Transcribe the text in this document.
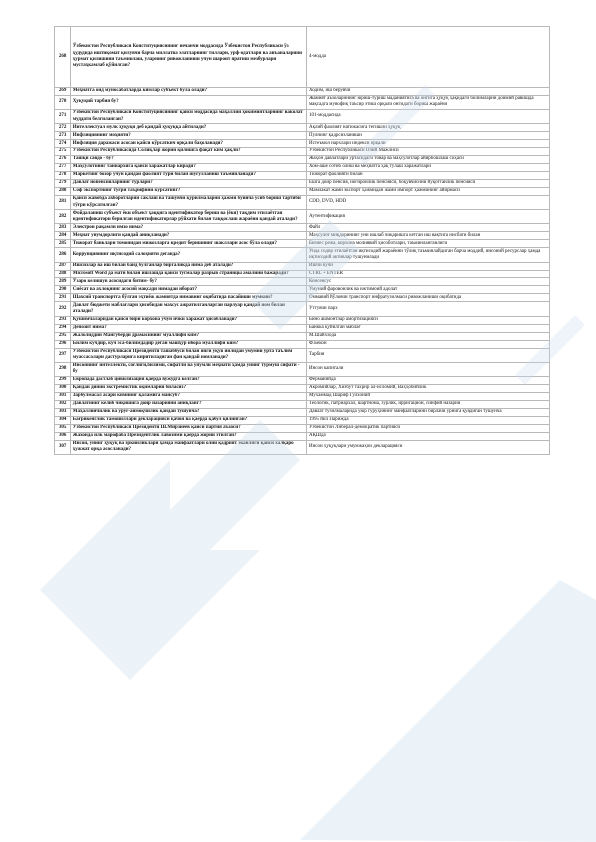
268	Ўзбекистон Республикаси Конституциясининг нечанчи моддасида Ўзбекистон Республикаси ўз ҳудудида иштиқомат қилувчи барча миллатва элатларнинг тиллари, урф-одатлари ва анъаналарини ҳурмат қилишини таъминлаш, уларнинг ривожланиши учун шароит яратиш мезбурлари мустаҳкамлаб қўйилган?	4-модда
269	Меҳнатга оид муносабатларда кимлар субъект бўла олади?	Ходим, иш берувчи
270	Ҳуқуқий тарбия бу?	Жамият аъзоларининг юриш-туриш маданиятига ва онгига ҳуқуқ ҳақидаги билимларни доимий равишда мақсадга мувофиқ таъсир этиш орқали онгидаги бориш жараёни
271	Ўзбекистон Республикаси Конституциясининг қайси моддасида маҳаллий ҳокимиятларнинг ваколат муддати белгиланган?	101-моддасида
272	Интеллектуал мулк ҳуқуқи деб қандай ҳуқуққа айтилади?	Ақлий фаолият натижасига тегишли ҳуқуқ
273	Инфляциянинг моҳияти?	Пулнинг қадрсизланиши
274	Инфляция даражаси асосан қайси кўрсаткич орқали баҳоланади?	Истеъмол нархлари индекси орқали
275	Ўзбекистон Республикасида Солиқлар жорий қилишга фақат ким ҳақли?	Ўзбекистон Республикаси Олий Мажлиси
276	Ташқи савдо - бу?	Жаҳон давлатлари ўртасидаги товар ва маҳсулотлар айирбошлаш соҳаси
277	Маҳсулотнинг таннархига қайси харажатлар киради?	Хом-ашё сотиб олиш ва меҳнатга ҳақ тўлаш харажатлари
278	Маркетинг бозор учун қандай фаолият тури билан шуғулланиш таъминланади?	Тижорат фаолияти билан
279	Давлат нопенсияларнинг турлари?	Ёшга доир пенсия, ногиронлик пенсияси, боқувчисини йўқотганлик пенсияси
280	Соф экспортнинг тўғри таърифини кўрсатинг?	Мамлакат жами экспорт ҳажмидан жами импорт ҳажмининг айирмаси
281	Қайси жавобда ахборотларни саклаш ва ташувчи қурилмаларни ҳажми бўйича ўсиб бориш тартиби тўғри кўрсатилган?	CDD, DVD, HDD
282	Фойдаланиш субъект ёки объект ҳаққига идентификатор бериш ва (ёки) тақдим этилаётган идентификатори берилган идентификаторлар рўйхати билан таққослаш жараёни қандай аталади?	Аутентификация
283	Электрон рақамли имзо нима?	Файл
284	Меҳнат унумдорлиги қандай аниқланади?	Маҳсулот миқдорининг уни ишлаб чиқаришга кетган иш вақтига нисбати билан
285	Тижорат банклари томонидан мижозларга кредит беришнинг шакллари асос бўла олади?	Бизнес режа, корхона молиявий ҳисоботлари, таъминланганлиги
286	Коррупциянинг иқтисодий салоҳияти деганда?	Унда содир этилаётган иқтисодий жараённи тўлиқ таъминлайдиган барча моддий, инсоний ресурслар ҳамда иқтисодий активлар тушунилади
287	Ишсизлар ва иш билан банд бўлганлар биргаликда нима деб аталади?	Ишчи кучи
288	Microsoft Word да матн билан ишлашда қайси тугмалар разрыв страницы амалини бажаради?	CTRL + ENTER
289	Ўзаро келишув асосидаги битим- бу?	Консенсус
290	Сиёсат ва ахлоқнинг асосий мақсади нимадан иборат?	Умумий фаровонлик ва ижтимоий адолат
291	Шахсий транспортга бўлган эҳтиёж жамиятда нимавинг оқибатида пасайиши мумкин?	Оммавий йўловчи транспорт инфратузилмаси ривожланиши оқибатида
292	Давлат бюджети маблағлари ҳисобидан махсус ажратилганларган парлуар қандай ном билан аталади?	Утгувчи парх
293	Қўшимчаларидан қайси бири корхона учун ички харажат ҳисобланади?	Бино ашмонтлар амортизацияси
294	Депозит нима?	Банкка қўйилган маблағ
295	Жалолиддин Мангуберди драмасининг муаллифи ким?	М.Шайхзода
296	Билим кучдир, куч эса-билимдадир деган машҳур ибора муаллифи ким?	Ф.Бекон
297	Ўзбекистон Республикаси Президенти ташаббуси билан янги ўқув йилидан умумий ўрта таълим муассасалари дастурларига киритиладиган фан қандай номланади?	Тарбия
298	Инсоннинг интеллекти, соғлиги,билими, сифатли ва унумли меҳнати ҳамда унинг турмуш сифати - бу	Инсон капитали
299	Европада дастлаб цивилизация қаерда вужудга келган?	Ферманийда
300	Қандай диний экстремистик оқимларни биласиз?	Акромийлар, Хизбут тахрир ал-исломий, Ваҳҳобийлик
301	Зарбулмасал асари кимнинг қаламига мансуб?	Мухаммад Шариф Гулхоний
302	Давлатнинг келиб чиқишига доир назарияни аниқланг?	Теологик, патриархал, шартнома, зўрлик, ирригацион, синфий назария
303	Маҳаллийчилик ва уруғ-аймоқчилик қандай тушунча?	Давлат тузилмаларида уюр гуруҳининг манфаатларини бирлачи ўрнига қўядиган тушунча
304	Бағрикенглик тамойиллари декларацияси қачон ва қаерда қабул қилинган?	1995 йил Парижда
305	Ўзбекистон Республикаси Президенти Ш.Мирзиёев қайси партия аъзоси?	Ўзбекистон Либерал-демократик партияси
306	Жахонда илк марофаба Президентлик лавозими қаерда жорий этилган?	АҚШда
307	Инсон, унинг ҳуқуқ ва эркинликлари ҳамда манфаатлари олий қадрият эканлиги қайси халқаро ҳужжат орқа асосланади?	Инсон ҳуқуқлари умумжаҳон декларацияси
